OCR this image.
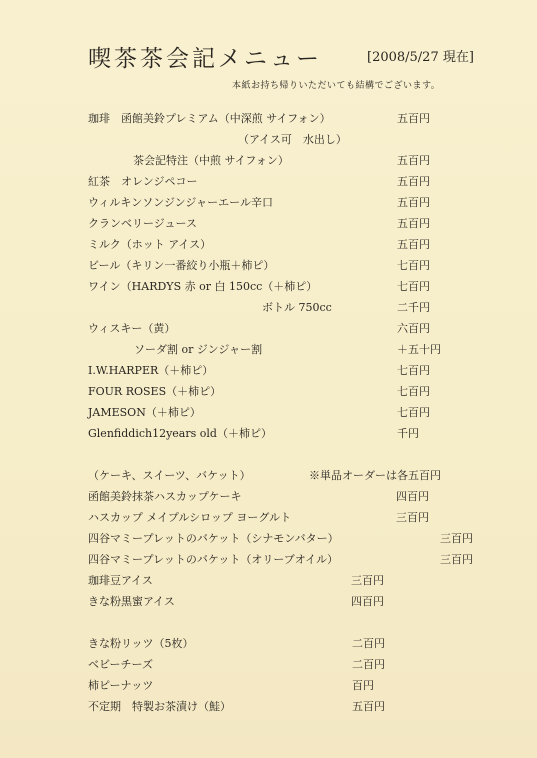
喫茶茶会記メニュー	[2008/5/27 現在]
本紙お持ち帰りいただいても結構でございます。
珈琲　函館美鈴プレミアム（中深煎 サイフォン）	五百円
（アイス可　水出し）
茶会記特注（中煎 サイフォン）	五百円
紅茶　オレンジペコー	五百円
ウィルキンソンジンジャーエール辛口	五百円
クランベリージュース	五百円
ミルク（ホット アイス）	五百円
ビール（キリン一番絞り小瓶＋柿ピ）	七百円
ワイン（HARDYS 赤 or 白 150cc（＋柿ピ）	七百円
ボトル 750cc	二千円
ウィスキー（黄）	六百円
ソーダ割 or ジンジャー割	＋五十円
I.W.HARPER（＋柿ピ）	七百円
FOUR ROSES（＋柿ピ）	七百円
JAMESON（＋柿ピ）	七百円
Glenfiddich12years old（＋柿ピ）	千円
（ケーキ、スイーツ、バケット）	※単品オーダーは各五百円
函館美鈴抹茶ハスカップケーキ	四百円
ハスカップ メイプルシロップ ヨーグルト	三百円
四谷マミープレットのバケット（シナモンバター）	三百円
四谷マミープレットのバケット（オリーブオイル）	三百円
珈琲豆アイス	三百円
きな粉黒蜜アイス	四百円
きな粉リッツ（5枚）	二百円
ベビーチーズ	二百円
柿ピーナッツ	百円
不定期　特製お茶漬け（鮭）	五百円
